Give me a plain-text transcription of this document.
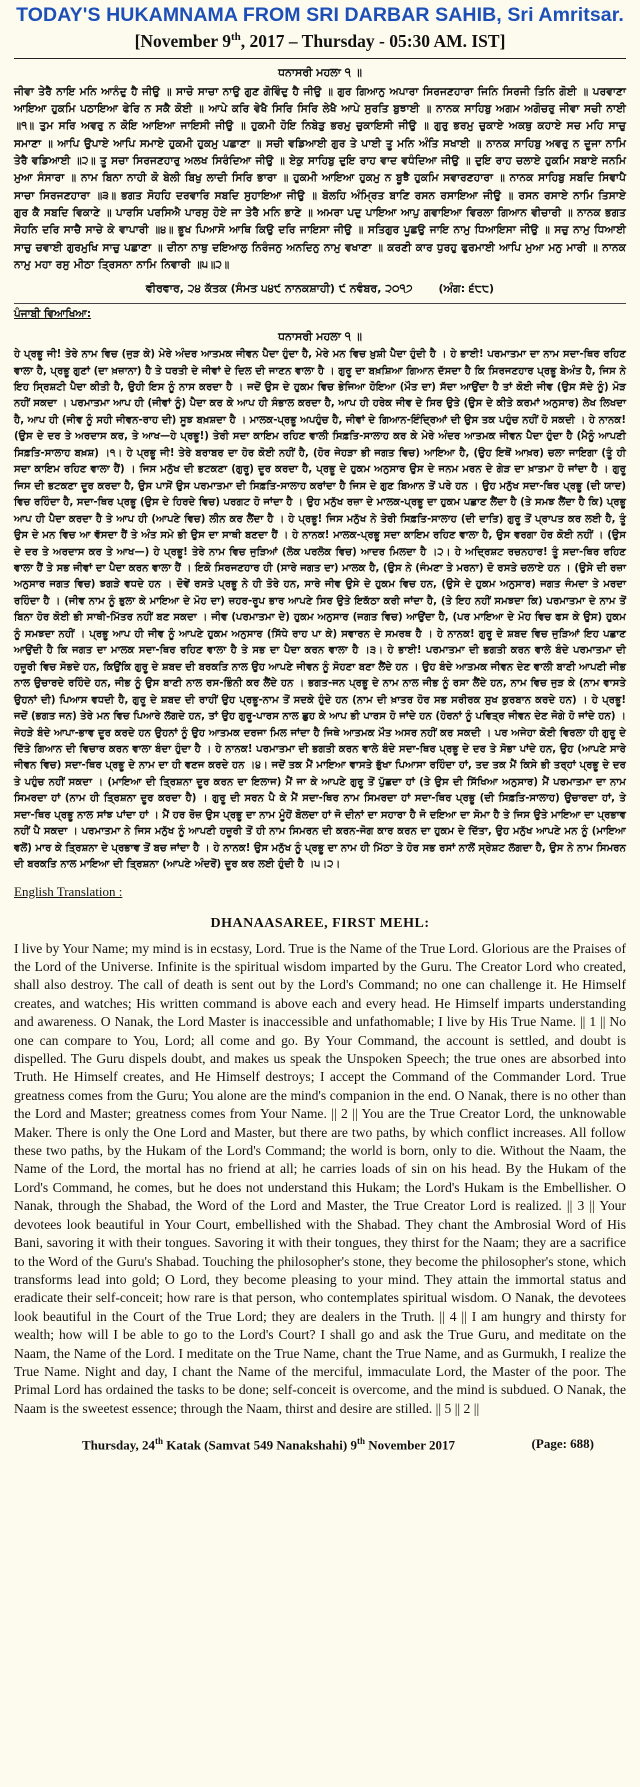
TODAY'S HUKAMNAMA FROM SRI DARBAR SAHIB, Sri Amritsar.
[November 9th, 2017 – Thursday - 05:30 AM. IST]
ਧਨਾਸਰੀ ਮਹਲਾ ੧ ॥

ਜੀਵਾ ਤੇਰੈ ਨਾਇ ਮਨਿ ਆਨੰਦੁ ਹੈ ਜੀਉ ॥ ਸਾਚੋ ਸਾਚਾ ਨਾਉ ਗੁਣ ਗੋਵਿੰਦੁ ਹੈ ਜੀਉ ॥ ਗੁਰ ਗਿਆਨੁ ਅਪਾਰਾ ਸਿਰਜਣਹਾਰਾ ਜਿਨਿ ਸਿਰਜੀ ਤਿਨਿ ਗੋਈ ॥ ਪਰਵਾਣਾ ਆਇਆ ਹੁਕਮਿ ਪਠਾਇਆ ਫੇਰਿ ਨ ਸਕੈ ਕੋਈ ॥ ਆਪੇ ਕਰਿ ਵੇਖੈ ਸਿਰਿ ਸਿਰਿ ਲੇਖੈ ਆਪੇ ਸੁਰਤਿ ਬੁਝਾਈ ॥ ਨਾਨਕ ਸਾਹਿਬੁ ਅਗਮ ਅਗੋਚਰੁ ਜੀਵਾ ਸਚੀ ਨਾਈ ॥੧॥ ਤੁਮ ਸਰਿ ਅਵਰੁ ਨ ਕੋਇ ਆਇਆ ਜਾਇਸੀ ਜੀਉ ॥ ਹੁਕਮੀ ਹੋਇ ਨਿਬੇੜੁ ਭਰਮੁ ਚੁਕਾਇਸੀ ਜੀਉ ॥ ਗੁਰੁ ਭਰਮੁ ਚੁਕਾਏ ਅਕਥੁ ਕਹਾਏ ਸਚ ਮਹਿ ਸਾਚੁ ਸਮਾਣਾ ॥ ਆਪਿ ਉਪਾਏ ਆਪਿ ਸਮਾਏ ਹੁਕਮੀ ਹੁਕਮੁ ਪਛਾਣਾ ॥ ਸਚੀ ਵਡਿਆਈ ਗੁਰ ਤੇ ਪਾਈ ਤੂ ਮਨਿ ਅੰਤਿ ਸਖਾਈ ॥ ਨਾਨਕ ਸਾਹਿਬੁ ਅਵਰੁ ਨ ਦੂਜਾ ਨਾਮਿ ਤੇਰੈ ਵਡਿਆਈ ॥੨॥ ਤੂ ਸਚਾ ਸਿਰਜਣਹਾਰੁ ਅਲਖ ਸਿਰੰਦਿਆ ਜੀਉ ॥ ਏਕੁ ਸਾਹਿਬੁ ਦੁਇ ਰਾਹ ਵਾਦ ਵਧੰਦਿਆ ਜੀਉ ॥ ਦੁਇ ਰਾਹ ਚਲਾਏ ਹੁਕਮਿ ਸਬਾਏ ਜਨਮਿ ਮੁਆ ਸੰਸਾਰਾ ॥ ਨਾਮ ਬਿਨਾ ਨਾਹੀ ਕੋ ਬੇਲੀ ਬਿਖੁ ਲਾਦੀ ਸਿਰਿ ਭਾਰਾ ॥ ਹੁਕਮੀ ਆਇਆ ਹੁਕਮੁ ਨ ਬੂਝੈ ਹੁਕਮਿ ਸਵਾਰਣਹਾਰਾ ॥ ਨਾਨਕ ਸਾਹਿਬੁ ਸਬਦਿ ਸਿਞਾਪੈ ਸਾਚਾ ਸਿਰਜਣਹਾਰਾ ॥੩॥ ਭਗਤ ਸੋਹਹਿ ਦਰਵਾਰਿ ਸਬਦਿ ਸੁਹਾਇਆ ਜੀਉ ॥ ਬੋਲਹਿ ਅੰਮ੍ਰਿਤ ਬਾਣਿ ਰਸਨ ਰਸਾਇਆ ਜੀਉ ॥ ਰਸਨ ਰਸਾਏ ਨਾਮਿ ਤਿਸਾਏ ਗੁਰ ਕੈ ਸਬਦਿ ਵਿਕਾਣੇ ॥ ਪਾਰਸਿ ਪਰਸਿਐ ਪਾਰਸੁ ਹੋਏ ਜਾ ਤੇਰੈ ਮਨਿ ਭਾਣੇ ॥ ਅਮਰਾ ਪਦੁ ਪਾਇਆ ਆਪੁ ਗਵਾਇਆ ਵਿਰਲਾ ਗਿਆਨ ਵੀਚਾਰੀ ॥ ਨਾਨਕ ਭਗਤ ਸੋਹਨਿ ਦਰਿ ਸਾਚੈ ਸਾਚੇ ਕੇ ਵਾਪਾਰੀ ॥੪॥ ਭੂਖ ਪਿਆਸੋ ਆਥਿ ਕਿਉ ਦਰਿ ਜਾਇਸਾ ਜੀਉ ॥ ਸਤਿਗੁਰ ਪੂਛਉ ਜਾਇ ਨਾਮੁ ਧਿਆਇਸਾ ਜੀਉ ॥ ਸਚੁ ਨਾਮੁ ਧਿਆਈ ਸਾਚੁ ਚਵਾਈ ਗੁਰਮੁਖਿ ਸਾਚੁ ਪਛਾਣਾ ॥ ਦੀਨਾ ਨਾਥੁ ਦਇਆਲੁ ਨਿਰੰਜਨੁ ਅਨਦਿਨੁ ਨਾਮੁ ਵਖਾਣਾ ॥ ਕਰਣੀ ਕਾਰ ਧੁਰਹੁ ਫੁਰਮਾਈ ਆਪਿ ਮੁਆ ਮਨੁ ਮਾਰੀ ॥ ਨਾਨਕ ਨਾਮੁ ਮਹਾ ਰਸੁ ਮੀਠਾ ਤ੍ਰਿਸਨਾ ਨਾਮਿ ਨਿਵਾਰੀ ॥੫॥੨॥

ਵੀਰਵਾਰ, ੨੪ ਕੱਤਕ (ਸੰਮਤ ੫੪੯ ਨਾਨਕਸ਼ਾਹੀ) ੯ ਨਵੰਬਰ, ੨੦੧੭ (ਅੰਗ: ੬੮੮)
ਪੰਜਾਬੀ ਵਿਆਖਿਆ:
ਧਨਾਸਰੀ ਮਹਲਾ ੧ ॥

ਹੇ ਪ੍ਰਭੂ ਜੀ! ਤੇਰੇ ਨਾਮ ਵਿਚ (ਜੁੜ ਕੇ) ਮੇਰੇ ਅੰਦਰ ਆਤਮਕ ਜੀਵਨ ਪੈਦਾ ਹੁੰਦਾ ਹੈ, ਮੇਰੇ ਮਨ ਵਿਚ ਖ਼ੁਸ਼ੀ ਪੈਦਾ ਹੁੰਦੀ ਹੈ । ਹੇ ਭਾਈ! ਪਰਮਾਤਮਾ ਦਾ ਨਾਮ ਸਦਾ-ਥਿਰ ਰਹਿਣ ਵਾਲਾ ਹੈ, ਪ੍ਰਭੂ ਗੁਣਾਂ (ਦਾ ਖ਼ਜ਼ਾਨਾ) ਹੈ ਤੇ ਧਰਤੀ ਦੇ ਜੀਵਾਂ ਦੇ ਦਿਲ ਦੀ ਜਾਣਨ ਵਾਲਾ ਹੈ । ਗੁਰੂ ਦਾ ਬਖ਼ਸ਼ਿਆ ਗਿਆਨ ਦੱਸਦਾ ਹੈ ਕਿ ਸਿਰਜਣਹਾਰ ਪ੍ਰਭੂ ਬੇਅੰਤ ਹੈ, ਜਿਸ ਨੇ ਇਹ ਸ੍ਰਿਸ਼ਟੀ ਪੈਦਾ ਕੀਤੀ ਹੈ, ਉਹੀ ਇਸ ਨੂੰ ਨਾਸ ਕਰਦਾ ਹੈ । ਜਦੋਂ ਉਸ ਦੇ ਹੁਕਮ ਵਿਚ ਭੇਜਿਆ ਹੋਇਆ (ਮੌਤ ਦਾ) ਸੱਦਾ ਆਉਂਦਾ ਹੈ ਤਾਂ ਕੋਈ ਜੀਵ (ਉਸ ਸੱਦੇ ਨੂੰ) ਮੋੜ ਨਹੀਂ ਸਕਦਾ । ਪਰਮਾਤਮਾ ਆਪ ਹੀ (ਜੀਵਾਂ ਨੂੰ) ਪੈਦਾ ਕਰ ਕੇ ਆਪ ਹੀ ਸੰਭਾਲ ਕਰਦਾ ਹੈ, ਆਪ ਹੀ ਹਰੇਕ ਜੀਵ ਦੇ ਸਿਰ ਉਤੇ (ਉਸ ਦੇ ਕੀਤੇ ਕਰਮਾਂ ਅਨੁਸਾਰ) ਲੇਖ ਲਿਖਦਾ ਹੈ, ਆਪ ਹੀ (ਜੀਵ ਨੂੰ ਸਹੀ ਜੀਵਨ-ਰਾਹ ਦੀ) ਸੂਝ ਬਖ਼ਸ਼ਦਾ ਹੈ । ਮਾਲਕ-ਪ੍ਰਭੂ ਅਪਹੁੰਚ ਹੈ, ਜੀਵਾਂ ਦੇ ਗਿਆਨ-ਇੰਦ੍ਰਿਆਂ ਦੀ ਉਸ ਤਕ ਪਹੁੰਚ ਨਹੀਂ ਹੋ ਸਕਦੀ । ਹੇ ਨਾਨਕ! (ਉਸ ਦੇ ਦਰ ਤੇ ਅਰਦਾਸ ਕਰ, ਤੇ ਆਖ—ਹੇ ਪ੍ਰਭੂ!) ਤੇਰੀ ਸਦਾ ਕਾਇਮ ਰਹਿਣ ਵਾਲੀ ਸਿਫ਼ਤਿ-ਸਾਲਾਹ ਕਰ ਕੇ ਮੇਰੇ ਅੰਦਰ ਆਤਮਕ ਜੀਵਨ ਪੈਦਾ ਹੁੰਦਾ ਹੈ (ਮੈਨੂੰ ਆਪਣੀ ਸਿਫ਼ਤਿ-ਸਾਲਾਹ ਬਖ਼ਸ਼) ।੧। ਹੇ ਪ੍ਰਭੂ ਜੀ! ਤੇਰੇ ਬਰਾਬਰ ਦਾ ਹੋਰ ਕੋਈ ਨਹੀਂ ਹੈ, (ਹੋਰ ਜੇਹੜਾ ਭੀ ਜਗਤ ਵਿਚ) ਆਇਆ ਹੈ, (ਉਹ ਇਥੋਂ ਆਖ਼ਰ) ਚਲਾ ਜਾਇਗਾ (ਤੂੰ ਹੀ ਸਦਾ ਕਾਇਮ ਰਹਿਣ ਵਾਲਾ ਹੈਂ) । ਜਿਸ ਮਨੁੱਖ ਦੀ ਭਟਕਣਾ (ਗੁਰੂ) ਦੂਰ ਕਰਦਾ ਹੈ, ਪ੍ਰਭੂ ਦੇ ਹੁਕਮ ਅਨੁਸਾਰ ਉਸ ਦੇ ਜਨਮ ਮਰਨ ਦੇ ਗੇੜ ਦਾ ਖ਼ਾਤਮਾ ਹੋ ਜਾਂਦਾ ਹੈ । ਗੁਰੂ ਜਿਸ ਦੀ ਭਟਕਣਾ ਦੂਰ ਕਰਦਾ ਹੈ, ਉਸ ਪਾਸੋਂ ਉਸ ਪਰਮਾਤਮਾ ਦੀ ਸਿਫ਼ਤਿ-ਸਾਲਾਹ ਕਰਾਂਦਾ ਹੈ ਜਿਸ ਦੇ ਗੁਣ ਬਿਆਨ ਤੋਂ ਪਰੇ ਹਨ । ਉਹ ਮਨੁੱਖ ਸਦਾ-ਥਿਰ ਪ੍ਰਭੂ (ਦੀ ਯਾਦ) ਵਿਚ ਰਹਿੰਦਾ ਹੈ, ਸਦਾ-ਥਿਰ ਪ੍ਰਭੂ (ਉਸ ਦੇ ਹਿਰਦੇ ਵਿਚ) ਪਰਗਟ ਹੋ ਜਾਂਦਾ ਹੈ । ਉਹ ਮਨੁੱਖ ਰਜ਼ਾ ਦੇ ਮਾਲਕ-ਪ੍ਰਭੂ ਦਾ ਹੁਕਮ ਪਛਾਣ ਲੈਂਦਾ ਹੈ (ਤੇ ਸਮਝ ਲੈਂਦਾ ਹੈ ਕਿ) ਪ੍ਰਭੂ ਆਪ ਹੀ ਪੈਦਾ ਕਰਦਾ ਹੈ ਤੇ ਆਪ ਹੀ (ਆਪਣੇ ਵਿਚ) ਲੀਨ ਕਰ ਲੈਂਦਾ ਹੈ । ਹੇ ਪ੍ਰਭੂ! ਜਿਸ ਮਨੁੱਖ ਨੇ ਤੇਰੀ ਸਿਫ਼ਤਿ-ਸਾਲਾਹ (ਦੀ ਦਾਤਿ) ਗੁਰੂ ਤੋਂ ਪ੍ਰਾਪਤ ਕਰ ਲਈ ਹੈ, ਤੂੰ ਉਸ ਦੇ ਮਨ ਵਿਚ ਆ ਵੱਸਦਾ ਹੈਂ ਤੇ ਅੰਤ ਸਮੇ ਭੀ ਉਸ ਦਾ ਸਾਥੀ ਬਣਦਾ ਹੈਂ । ਹੇ ਨਾਨਕ! ਮਾਲਕ-ਪ੍ਰਭੂ ਸਦਾ ਕਾਇਮ ਰਹਿਣ ਵਾਲਾ ਹੈ, ਉਸ ਵਰਗਾ ਹੋਰ ਕੋਈ ਨਹੀਂ । (ਉਸ ਦੇ ਦਰ ਤੇ ਅਰਦਾਸ ਕਰ ਤੇ ਆਖ—) ਹੇ ਪ੍ਰਭੂ! ਤੇਰੇ ਨਾਮ ਵਿਚ ਜੁੜਿਆਂ (ਲੋਕ ਪਰਲੋਕ ਵਿਚ) ਆਦਰ ਮਿਲਦਾ ਹੈ ।੨। ਹੇ ਅਦ੍ਰਿਸ਼ਟ ਰਚਨਹਾਰ! ਤੂੰ ਸਦਾ-ਥਿਰ ਰਹਿਣ ਵਾਲਾ ਹੈਂ ਤੇ ਸਭ ਜੀਵਾਂ ਦਾ ਪੈਦਾ ਕਰਨ ਵਾਲਾ ਹੈਂ । ਇਕੋ ਸਿਰਜਣਹਾਰ ਹੀ (ਸਾਰੇ ਜਗਤ ਦਾ) ਮਾਲਕ ਹੈ, (ਉਸ ਨੇ (ਜੰਮਣਾ ਤੇ ਮਰਨਾ) ਦੋ ਰਸਤੇ ਚਲਾਏ ਹਨ । (ਉਸੇ ਦੀ ਰਜ਼ਾ ਅਨੁਸਾਰ ਜਗਤ ਵਿਚ) ਝਗੜੇ ਵਧਦੇ ਹਨ । ਦੋਵੇਂ ਰਸਤੇ ਪ੍ਰਭੂ ਨੇ ਹੀ ਤੋਰੇ ਹਨ, ਸਾਰੇ ਜੀਵ ਉਸੇ ਦੇ ਹੁਕਮ ਵਿਚ ਹਨ, (ਉਸੇ ਦੇ ਹੁਕਮ ਅਨੁਸਾਰ) ਜਗਤ ਜੰਮਦਾ ਤੇ ਮਰਦਾ ਰਹਿੰਦਾ ਹੈ । (ਜੀਵ ਨਾਮ ਨੂੰ ਭੁਲਾ ਕੇ ਮਾਇਆ ਦੇ ਮੋਹ ਦਾ) ਜ਼ਹਰ-ਰੂਪ ਭਾਰ ਆਪਣੇ ਸਿਰ ਉਤੇ ਇਕੱਠਾ ਕਰੀ ਜਾਂਦਾ ਹੈ, (ਤੇ ਇਹ ਨਹੀਂ ਸਮਝਦਾ ਕਿ) ਪਰਮਾਤਮਾ ਦੇ ਨਾਮ ਤੋਂ ਬਿਨਾ ਹੋਰ ਕੋਈ ਭੀ ਸਾਥੀ-ਮਿੱਤਰ ਨਹੀਂ ਬਣ ਸਕਦਾ । ਜੀਵ (ਪਰਮਾਤਮਾ ਦੇ) ਹੁਕਮ ਅਨੁਸਾਰ (ਜਗਤ ਵਿਚ) ਆਉਂਦਾ ਹੈ, (ਪਰ ਮਾਇਆ ਦੇ ਮੋਹ ਵਿਚ ਫਸ ਕੇ ਉਸ) ਹੁਕਮ ਨੂੰ ਸਮਝਦਾ ਨਹੀਂ । ਪ੍ਰਭੂ ਆਪ ਹੀ ਜੀਵ ਨੂੰ ਆਪਣੇ ਹੁਕਮ ਅਨੁਸਾਰ (ਸਿੱਧੇ ਰਾਹ ਪਾ ਕੇ) ਸਵਾਰਨ ਦੇ ਸਮਰਥ ਹੈ । ਹੇ ਨਾਨਕ! ਗੁਰੂ ਦੇ ਸ਼ਬਦ ਵਿਚ ਜੁੜਿਆਂ ਇਹ ਪਛਾਣ ਆਉਂਦੀ ਹੈ ਕਿ ਜਗਤ ਦਾ ਮਾਲਕ ਸਦਾ-ਥਿਰ ਰਹਿਣ ਵਾਲਾ ਹੈ ਤੇ ਸਭ ਦਾ ਪੈਦਾ ਕਰਨ ਵਾਲਾ ਹੈ ।੩। ਹੇ ਭਾਈ! ਪਰਮਾਤਮਾ ਦੀ ਭਗਤੀ ਕਰਨ ਵਾਲੇ ਬੰਦੇ ਪਰਮਾਤਮਾ ਦੀ ਹਜ਼ੂਰੀ ਵਿਚ ਸੋਭਦੇ ਹਨ, ਕਿਉਂਕਿ ਗੁਰੂ ਦੇ ਸ਼ਬਦ ਦੀ ਬਰਕਤਿ ਨਾਲ ਉਹ ਆਪਣੇ ਜੀਵਨ ਨੂੰ ਸੋਹਣਾ ਬਣਾ ਲੈਂਦੇ ਹਨ । ਉਹ ਬੰਦੇ ਆਤਮਕ ਜੀਵਨ ਦੇਣ ਵਾਲੀ ਬਾਣੀ ਆਪਣੀ ਜੀਭ ਨਾਲ ਉਚਾਰਦੇ ਰਹਿੰਦੇ ਹਨ, ਜੀਭ ਨੂੰ ਉਸ ਬਾਣੀ ਨਾਲ ਰਸ-ਭਿੰਨੀ ਕਰ ਲੈਂਦੇ ਹਨ । ਭਗਤ-ਜਨ ਪ੍ਰਭੂ ਦੇ ਨਾਮ ਨਾਲ ਜੀਭ ਨੂੰ ਰਸਾ ਲੈਂਦੇ ਹਨ, ਨਾਮ ਵਿਚ ਜੁੜ ਕੇ (ਨਾਮ ਵਾਸਤੇ ਉਹਨਾਂ ਦੀ) ਪਿਆਸ ਵਧਦੀ ਹੈ, ਗੁਰੂ ਦੇ ਸ਼ਬਦ ਦੀ ਰਾਹੀਂ ਉਹ ਪ੍ਰਭੂ-ਨਾਮ ਤੋਂ ਸਦਕੇ ਹੁੰਦੇ ਹਨ (ਨਾਮ ਦੀ ਖ਼ਾਤਰ ਹੋਰ ਸਭ ਸਰੀਰਕ ਸੁਖ ਕੁਰਬਾਨ ਕਰਦੇ ਹਨ) । ਹੇ ਪ੍ਰਭੂ! ਜਦੋਂ (ਭਗਤ ਜਨ) ਤੇਰੇ ਮਨ ਵਿਚ ਪਿਆਰੇ ਲੱਗਦੇ ਹਨ, ਤਾਂ ਉਹ ਗੁਰੂ-ਪਾਰਸ ਨਾਲ ਛੁਹ ਕੇ ਆਪ ਭੀ ਪਾਰਸ ਹੋ ਜਾਂਦੇ ਹਨ (ਹੋਰਨਾਂ ਨੂੰ ਪਵਿਤ੍ਰ ਜੀਵਨ ਦੇਣ ਜੋਗੇ ਹੋ ਜਾਂਦੇ ਹਨ) । ਜੇਹੜੇ ਬੰਦੇ ਆਪਾ-ਭਾਵ ਦੂਰ ਕਰਦੇ ਹਨ ਉਹਨਾਂ ਨੂੰ ਉਹ ਆਤਮਕ ਦਰਜਾ ਮਿਲ ਜਾਂਦਾ ਹੈ ਜਿਥੇ ਆਤਮਕ ਮੌਤ ਅਸਰ ਨਹੀਂ ਕਰ ਸਕਦੀ । ਪਰ ਅਜੇਹਾ ਕੋਈ ਵਿਰਲਾ ਹੀ ਗੁਰੂ ਦੇ ਦਿੱਤੇ ਗਿਆਨ ਦੀ ਵਿਚਾਰ ਕਰਨ ਵਾਲਾ ਬੰਦਾ ਹੁੰਦਾ ਹੈ । ਹੇ ਨਾਨਕ! ਪਰਮਾਤਮਾ ਦੀ ਭਗਤੀ ਕਰਨ ਵਾਲੇ ਬੰਦੇ ਸਦਾ-ਥਿਰ ਪ੍ਰਭੂ ਦੇ ਦਰ ਤੇ ਸੋਭਾ ਪਾਂਦੇ ਹਨ, ਉਹ (ਆਪਣੇ ਸਾਰੇ ਜੀਵਨ ਵਿਚ) ਸਦਾ-ਥਿਰ ਪ੍ਰਭੂ ਦੇ ਨਾਮ ਦਾ ਹੀ ਵਣਜ ਕਰਦੇ ਹਨ ।੪। ਜਦੋਂ ਤਕ ਮੈਂ ਮਾਇਆ ਵਾਸਤੇ ਭੁੱਖਾ ਪਿਆਸਾ ਰਹਿੰਦਾ ਹਾਂ, ਤਦ ਤਕ ਮੈਂ ਕਿਸੇ ਭੀ ਤਰ੍ਹਾਂ ਪ੍ਰਭੂ ਦੇ ਦਰ ਤੇ ਪਹੁੰਚ ਨਹੀਂ ਸਕਦਾ । (ਮਾਇਆ ਦੀ ਤ੍ਰਿਸ਼ਨਾ ਦੂਰ ਕਰਨ ਦਾ ਇਲਾਜ) ਮੈਂ ਜਾ ਕੇ ਆਪਣੇ ਗੁਰੂ ਤੋਂ ਪੁੱਛਦਾ ਹਾਂ (ਤੇ ਉਸ ਦੀ ਸਿੱਖਿਆ ਅਨੁਸਾਰ) ਮੈਂ ਪਰਮਾਤਮਾ ਦਾ ਨਾਮ ਸਿਮਰਦਾ ਹਾਂ (ਨਾਮ ਹੀ ਤ੍ਰਿਸ਼ਨਾ ਦੂਰ ਕਰਦਾ ਹੈ) । ਗੁਰੂ ਦੀ ਸਰਨ ਪੈ ਕੇ ਮੈਂ ਸਦਾ-ਥਿਰ ਨਾਮ ਸਿਮਰਦਾ ਹਾਂ ਸਦਾ-ਥਿਰ ਪ੍ਰਭੂ (ਦੀ ਸਿਫ਼ਤਿ-ਸਾਲਾਹ) ਉਚਾਰਦਾ ਹਾਂ, ਤੇ ਸਦਾ-ਥਿਰ ਪ੍ਰਭੂ ਨਾਲ ਸਾਂਝ ਪਾਂਦਾ ਹਾਂ । ਮੈਂ ਹਰ ਰੋਜ਼ ਉਸ ਪ੍ਰਭੂ ਦਾ ਨਾਮ ਮੂੰਹੋਂ ਬੋਲਦਾ ਹਾਂ ਜੋ ਦੀਨਾਂ ਦਾ ਸਹਾਰਾ ਹੈ ਜੋ ਦਇਆ ਦਾ ਸੋਮਾ ਹੈ ਤੇ ਜਿਸ ਉਤੇ ਮਾਇਆ ਦਾ ਪ੍ਰਭਾਵ ਨਹੀਂ ਪੈ ਸਕਦਾ । ਪਰਮਾਤਮਾ ਨੇ ਜਿਸ ਮਨੁੱਖ ਨੂੰ ਆਪਣੀ ਹਜ਼ੂਰੀ ਤੋਂ ਹੀ ਨਾਮ ਸਿਮਰਨ ਦੀ ਕਰਨ-ਜੋਗ ਕਾਰ ਕਰਨ ਦਾ ਹੁਕਮ ਦੇ ਦਿੱਤਾ, ਉਹ ਮਨੁੱਖ ਆਪਣੇ ਮਨ ਨੂੰ (ਮਾਇਆ ਵਲੋਂ) ਮਾਰ ਕੇ ਤ੍ਰਿਸ਼ਨਾ ਦੇ ਪ੍ਰਭਾਵ ਤੋਂ ਬਚ ਜਾਂਦਾ ਹੈ । ਹੇ ਨਾਨਕ! ਉਸ ਮਨੁੱਖ ਨੂੰ ਪ੍ਰਭੂ ਦਾ ਨਾਮ ਹੀ ਮਿੱਠਾ ਤੇ ਹੋਰ ਸਭ ਰਸਾਂ ਨਾਲੋਂ ਸ੍ਰੇਸ਼ਟ ਲੱਗਦਾ ਹੈ, ਉਸ ਨੇ ਨਾਮ ਸਿਮਰਨ ਦੀ ਬਰਕਤਿ ਨਾਲ ਮਾਇਆ ਦੀ ਤ੍ਰਿਸ਼ਨਾ (ਆਪਣੇ ਅੰਦਰੋਂ) ਦੂਰ ਕਰ ਲਈ ਹੁੰਦੀ ਹੈ ।੫।੨।

English Translation :
DHANAASAREE, FIRST MEHL:

I live by Your Name; my mind is in ecstasy, Lord. True is the Name of the True Lord. Glorious are the Praises of the Lord of the Universe. Infinite is the spiritual wisdom imparted by the Guru. The Creator Lord who created, shall also destroy. The call of death is sent out by the Lord's Command; no one can challenge it. He Himself creates, and watches; His written command is above each and every head. He Himself imparts understanding and awareness. O Nanak, the Lord Master is inaccessible and unfathomable; I live by His True Name. || 1 || No one can compare to You, Lord; all come and go. By Your Command, the account is settled, and doubt is dispelled. The Guru dispels doubt, and makes us speak the Unspoken Speech; the true ones are absorbed into Truth. He Himself creates, and He Himself destroys; I accept the Command of the Commander Lord. True greatness comes from the Guru; You alone are the mind's companion in the end. O Nanak, there is no other than the Lord and Master; greatness comes from Your Name. || 2 || You are the True Creator Lord, the unknowable Maker. There is only the One Lord and Master, but there are two paths, by which conflict increases. All follow these two paths, by the Hukam of the Lord's Command; the world is born, only to die. Without the Naam, the Name of the Lord, the mortal has no friend at all; he carries loads of sin on his head. By the Hukam of the Lord's Command, he comes, but he does not understand this Hukam; the Lord's Hukam is the Embellisher. O Nanak, through the Shabad, the Word of the Lord and Master, the True Creator Lord is realized. || 3 || Your devotees look beautiful in Your Court, embellished with the Shabad. They chant the Ambrosial Word of His Bani, savoring it with their tongues. Savoring it with their tongues, they thirst for the Naam; they are a sacrifice to the Word of the Guru's Shabad. Touching the philosopher's stone, they become the philosopher's stone, which transforms lead into gold; O Lord, they become pleasing to your mind. They attain the immortal status and eradicate their self-conceit; how rare is that person, who contemplates spiritual wisdom. O Nanak, the devotees look beautiful in the Court of the True Lord; they are dealers in the Truth. || 4 || I am hungry and thirsty for wealth; how will I be able to go to the Lord's Court? I shall go and ask the True Guru, and meditate on the Naam, the Name of the Lord. I meditate on the True Name, chant the True Name, and as Gurmukh, I realize the True Name. Night and day, I chant the Name of the merciful, immaculate Lord, the Master of the poor. The Primal Lord has ordained the tasks to be done; self-conceit is overcome, and the mind is subdued. O Nanak, the Naam is the sweetest essence; through the Naam, thirst and desire are stilled. || 5 || 2 ||

Thursday, 24th Katak (Samvat 549 Nanakshahi) 9th November 2017	(Page: 688)
